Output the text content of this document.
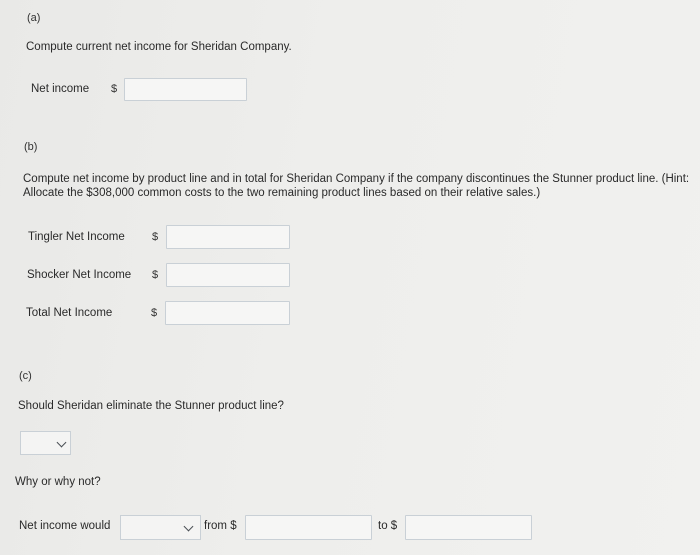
(a)
Compute current net income for Sheridan Company.
Net income $
(b)
Compute net income by product line and in total for Sheridan Company if the company discontinues the Stunner product line. (Hint: Allocate the $308,000 common costs to the two remaining product lines based on their relative sales.)
Tingler Net Income $
Shocker Net Income $
Total Net Income	$
(c)
Should Sheridan eliminate the Stunner product line?
Why or why not?
Net income would	from $	to $
